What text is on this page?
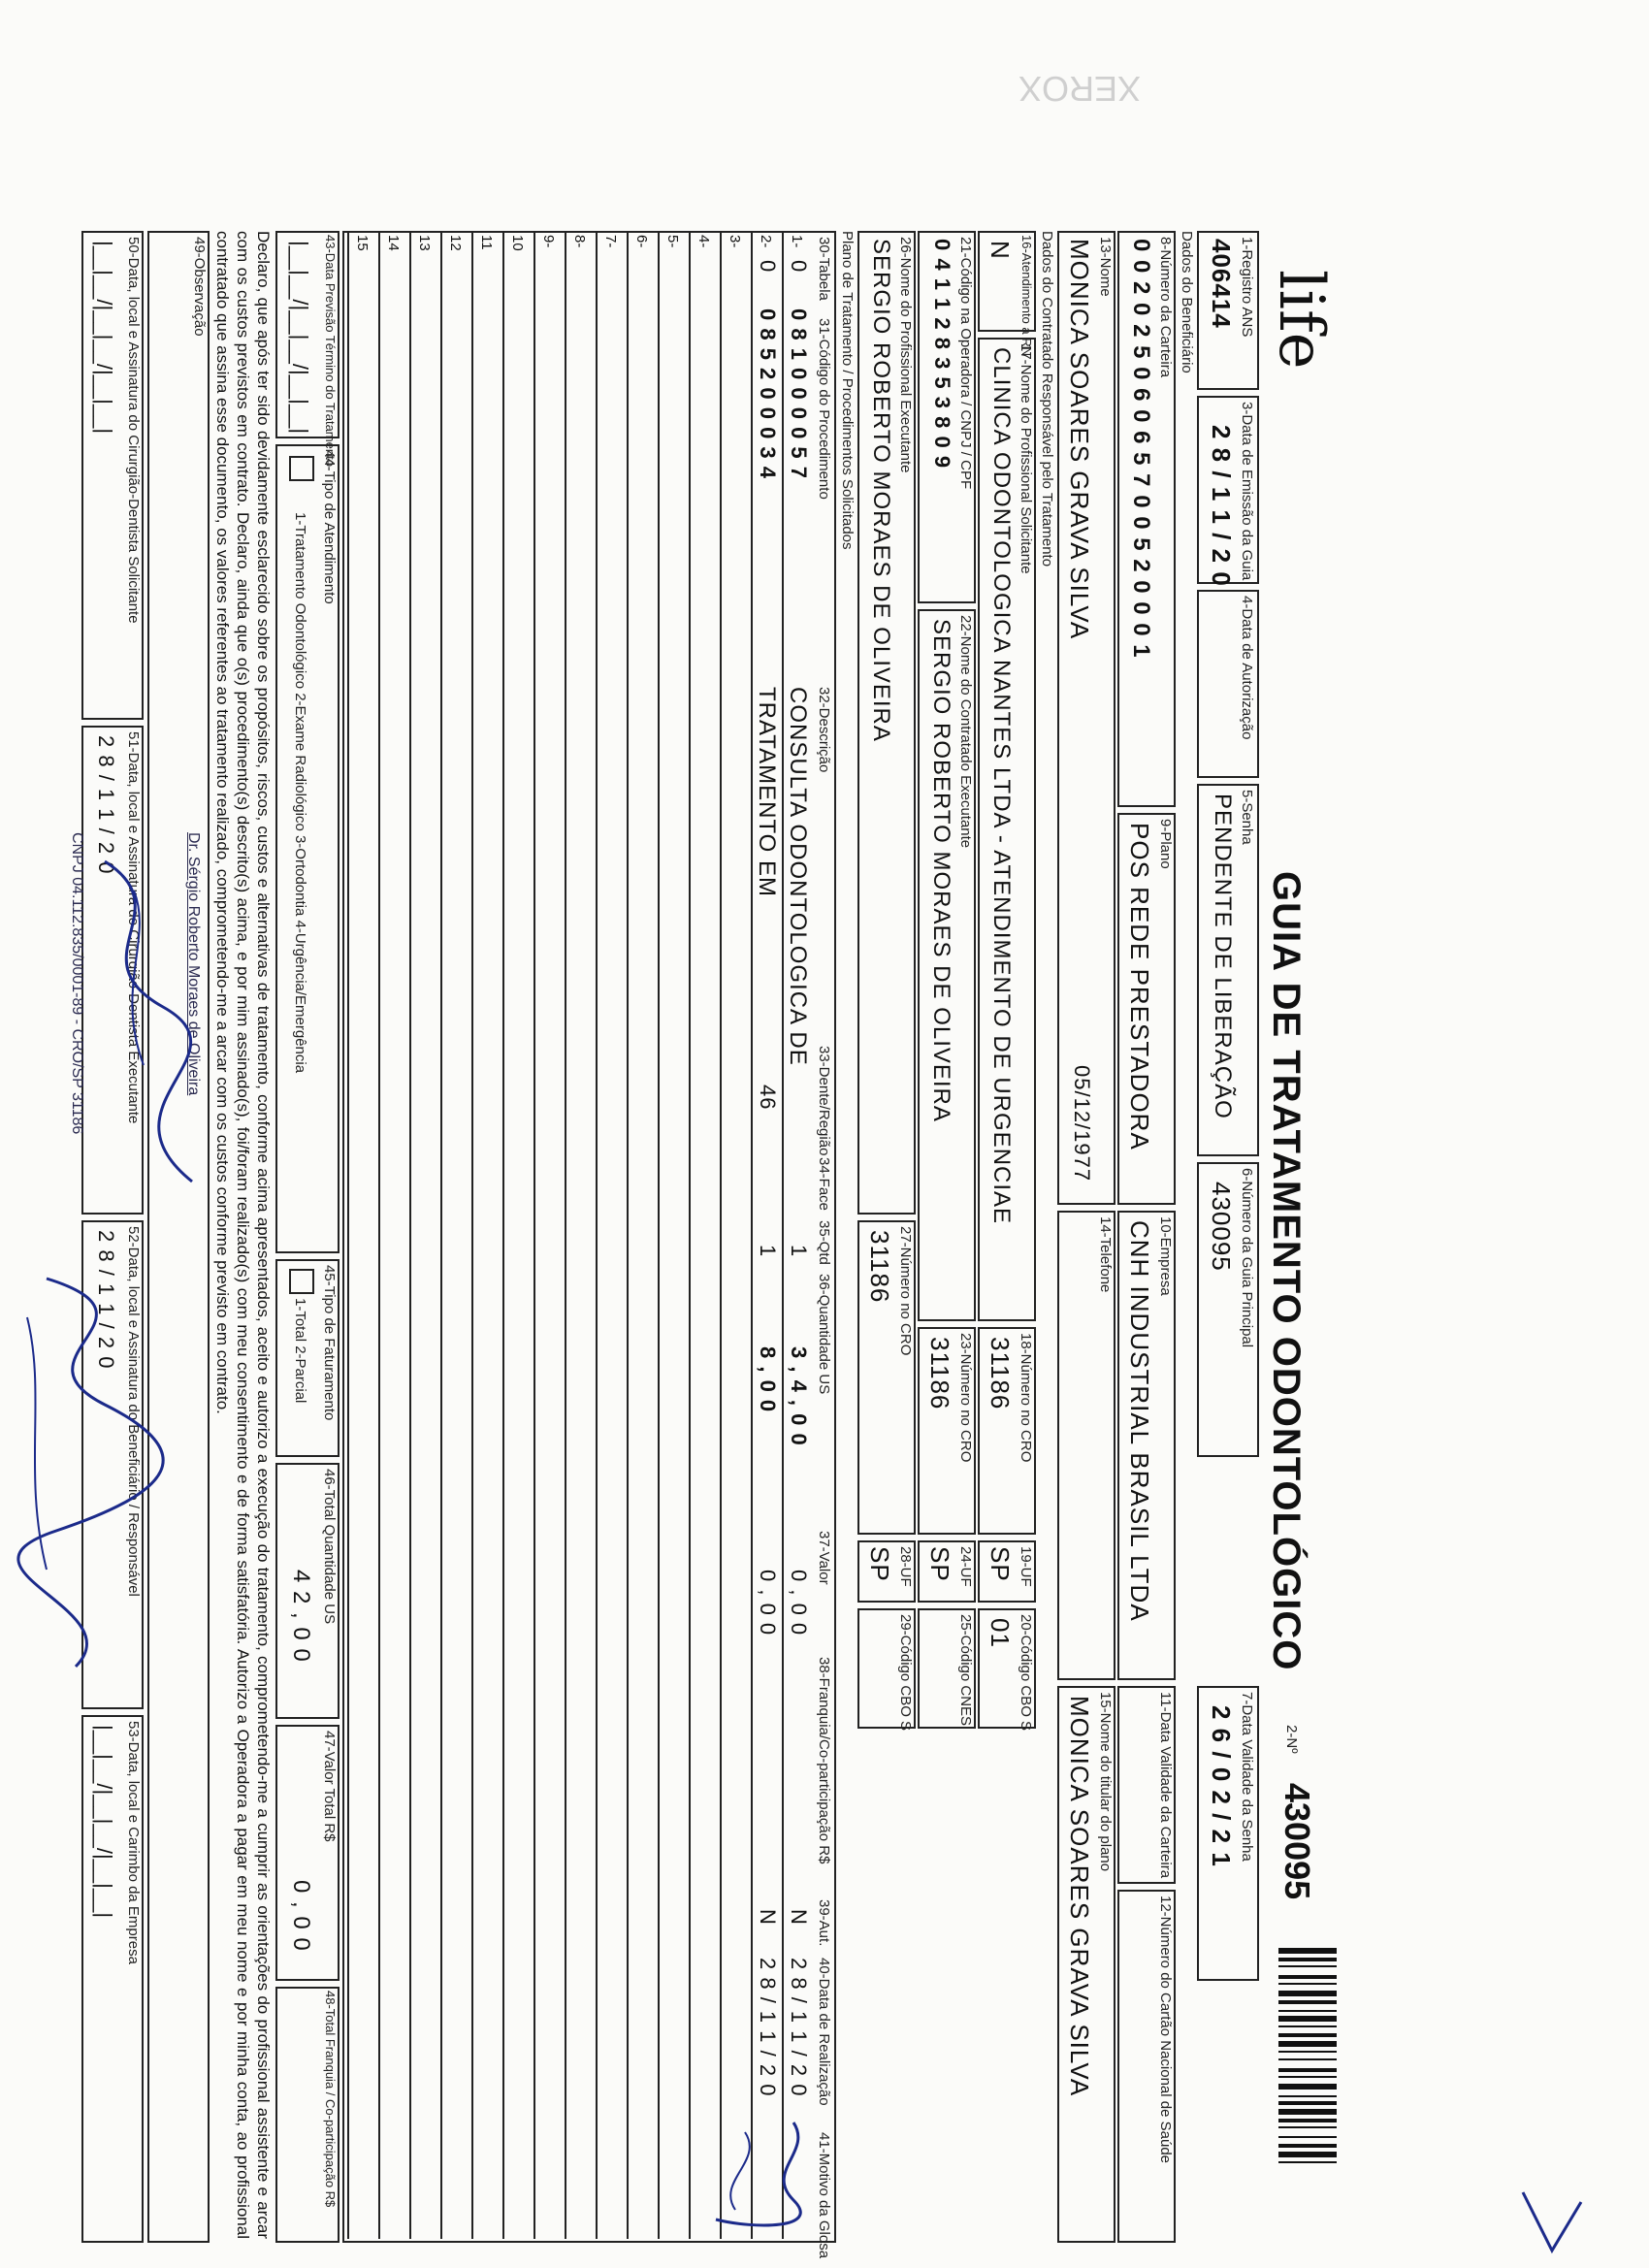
XEROX
life
GUIA DE TRATAMENTO ODONTOLÓGICO
2-Nº
430095
1-Registro ANS
406414
3-Data de Emissão da Guia
2 8 / 1 1 / 2 0
4-Data de Autorização
5-Senha
PENDENTE DE LIBERAÇÃO
6-Número da Guia Principal
430095
7-Data Validade da Senha
2 6 / 0 2 / 2 1
Dados do Beneficiário
8-Número da Carteira
0 0 2 0 2 5 0 6 0 6 5 7 0 0 5 2 0 0 0 1
9-Plano
POS REDE PRESTADORA
10-Empresa
CNH INDUSTRIAL BRASIL LTDA
11-Data Validade da Carteira
12-Número do Cartão Nacional de Saúde
13-Nome
MONICA SOARES GRAVA SILVA
05/12/1977
14-Telefone
15-Nome do titular do plano
MONICA SOARES GRAVA SILVA
Dados do Contratado Responsável pelo Tratamento
16-Atendimento a RN
N
17-Nome do Profissional Solicitante
CLINICA ODONTOLOGICA NANTES LTDA - ATENDIMENTO DE URGENCIAE
18-Número no CRO
31186
19-UF
SP
20-Código CBO S
01
21-Código na Operadora / CNPJ / CPF
0 4 1 1 2 8 3 5 3 8 0 9
22-Nome do Contratado Executante
SERGIO ROBERTO MORAES DE OLIVEIRA
23-Número no CRO
31186
24-UF
SP
25-Código CNES
26-Nome do Profissional Executante
SERGIO ROBERTO MORAES DE OLIVEIRA
27-Número no CRO
31186
28-UF
SP
29-Código CBO S
Plano de Tratamento / Procedimentos Solicitados
30-Tabela
31-Código do Procedimento
32-Descrição
33-Dente/Região
34-Face
35-Qtd
36-Quantidade US
37-Valor
38-Franquia/Co-participação R$
39-Aut.
40-Data de Realização
41-Motivo da Glosa
1-
0
0 8 1 0 0 0 0 5 7
CONSULTA ODONTOLOGICA DE
1
3 , 4 , 0 0
0 , 0 0
N
2 8 / 1 1 / 2 0
2-
0
0 8 5 2 0 0 0 3 4
TRATAMENTO EM
46
1
8 , 0 0
0 , 0 0
N
2 8 / 1 1 / 2 0
3-
4-
5-
6-
7-
8-
9-
10
11
12
13
14
15
43-Data Previsão Término do Tratamento
|__|__/|__|__/|__|__|
44-Tipo de Atendimento
1-Tratamento Odontológico 2-Exame Radiológico 3-Ortodontia 4-Urgência/Emergência
45-Tipo de Faturamento
1-Total 2-Parcial
46-Total Quantidade US
4 2 , 0 0
47-Valor Total R$
0 , 0 0
48-Total Franquia / Co-participação R$
Declaro, que após ter sido devidamente esclarecido sobre os propósitos, riscos, custos e alternativas de tratamento, conforme acima apresentados, aceito e autorizo a execução do tratamento, comprometendo-me a cumprir as orientações do profissional assistente e arcar com os custos previstos em contrato. Declaro, ainda que o(s) procedimento(s) descrito(s) acima, e por mim assinado(s), foi/foram realizado(s) com meu consentimento e de forma satisfatória. Autorizo a Operadora a pagar em meu nome e por minha conta, ao profissional contratado que assina esse documento, os valores referentes ao tratamento realizado, comprometendo-me a arcar com os custos conforme previsto em contrato.
49-Observação
50-Data, local e Assinatura do Cirurgião-Dentista Solicitante
|__|__/|__|__/|__|__|
51-Data, local e Assinatura do Cirurgião-Dentista Executante
2 8 / 1 1 / 2 0
52-Data, local e Assinatura do Beneficiário / Responsável
2 8 / 1 1 / 2 0
53-Data, local e Carimbo da Empresa
|__|__/|__|__/|__|__|
Dr. Sérgio Roberto Moraes de Oliveira
CNPJ 04.112.835/0001-89 - CRO/SP 31186
